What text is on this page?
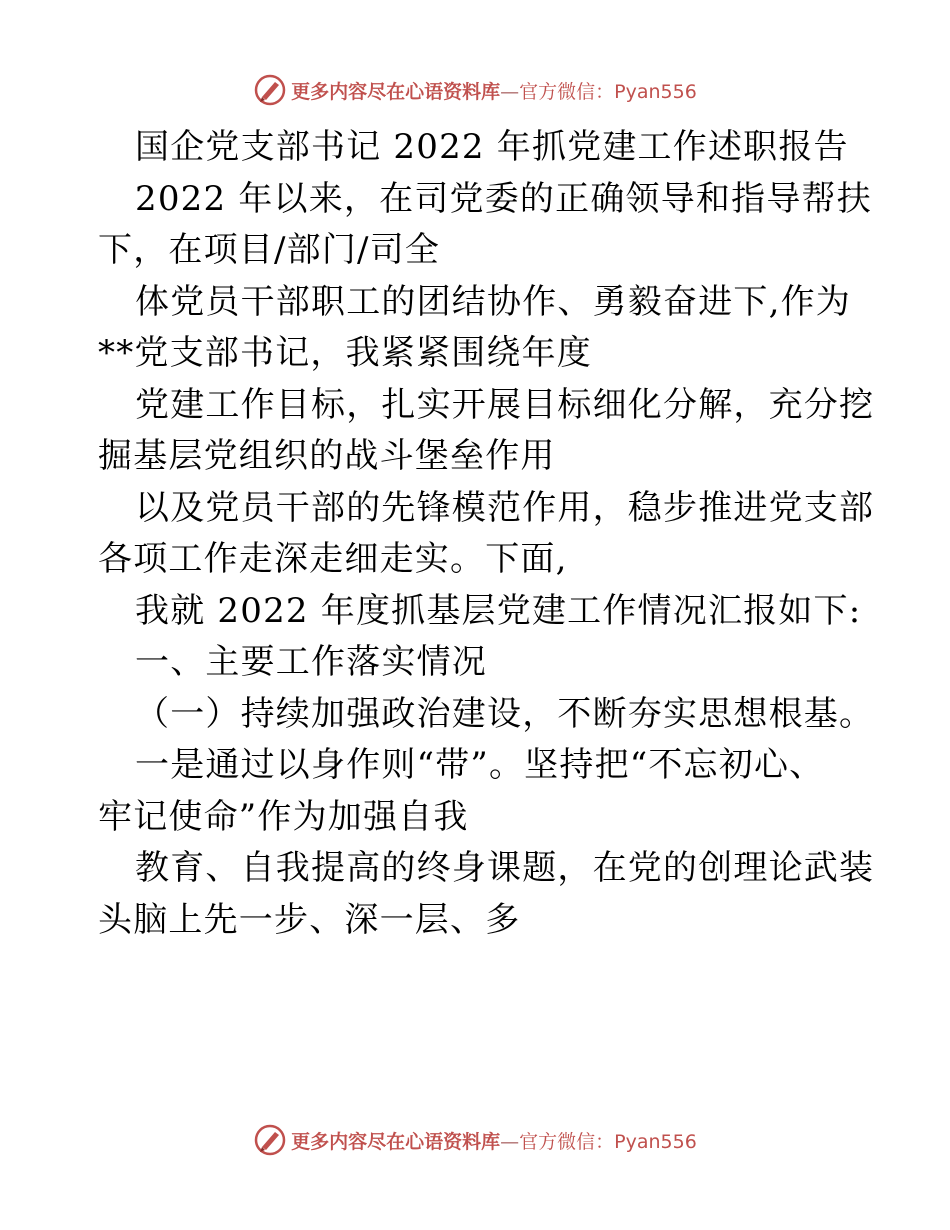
更多内容尽在心语资料库—官方微信：Pyan556
国企党支部书记 2022 年抓党建工作述职报告
2022 年以来，在司党委的正确领导和指导帮扶
下，在项目/部门/司全
体党员干部职工的团结协作、勇毅奋进下,作为
**党支部书记，我紧紧围绕年度
党建工作目标，扎实开展目标细化分解，充分挖
掘基层党组织的战斗堡垒作用
以及党员干部的先锋模范作用，稳步推进党支部
各项工作走深走细走实。下面,
我就 2022 年度抓基层党建工作情况汇报如下:
一、主要工作落实情况
（一）持续加强政治建设，不断夯实思想根基。
一是通过以身作则“带”。坚持把“不忘初心、
牢记使命”作为加强自我
教育、自我提高的终身课题，在党的创理论武装
头脑上先一步、深一层、多
更多内容尽在心语资料库—官方微信：Pyan556
